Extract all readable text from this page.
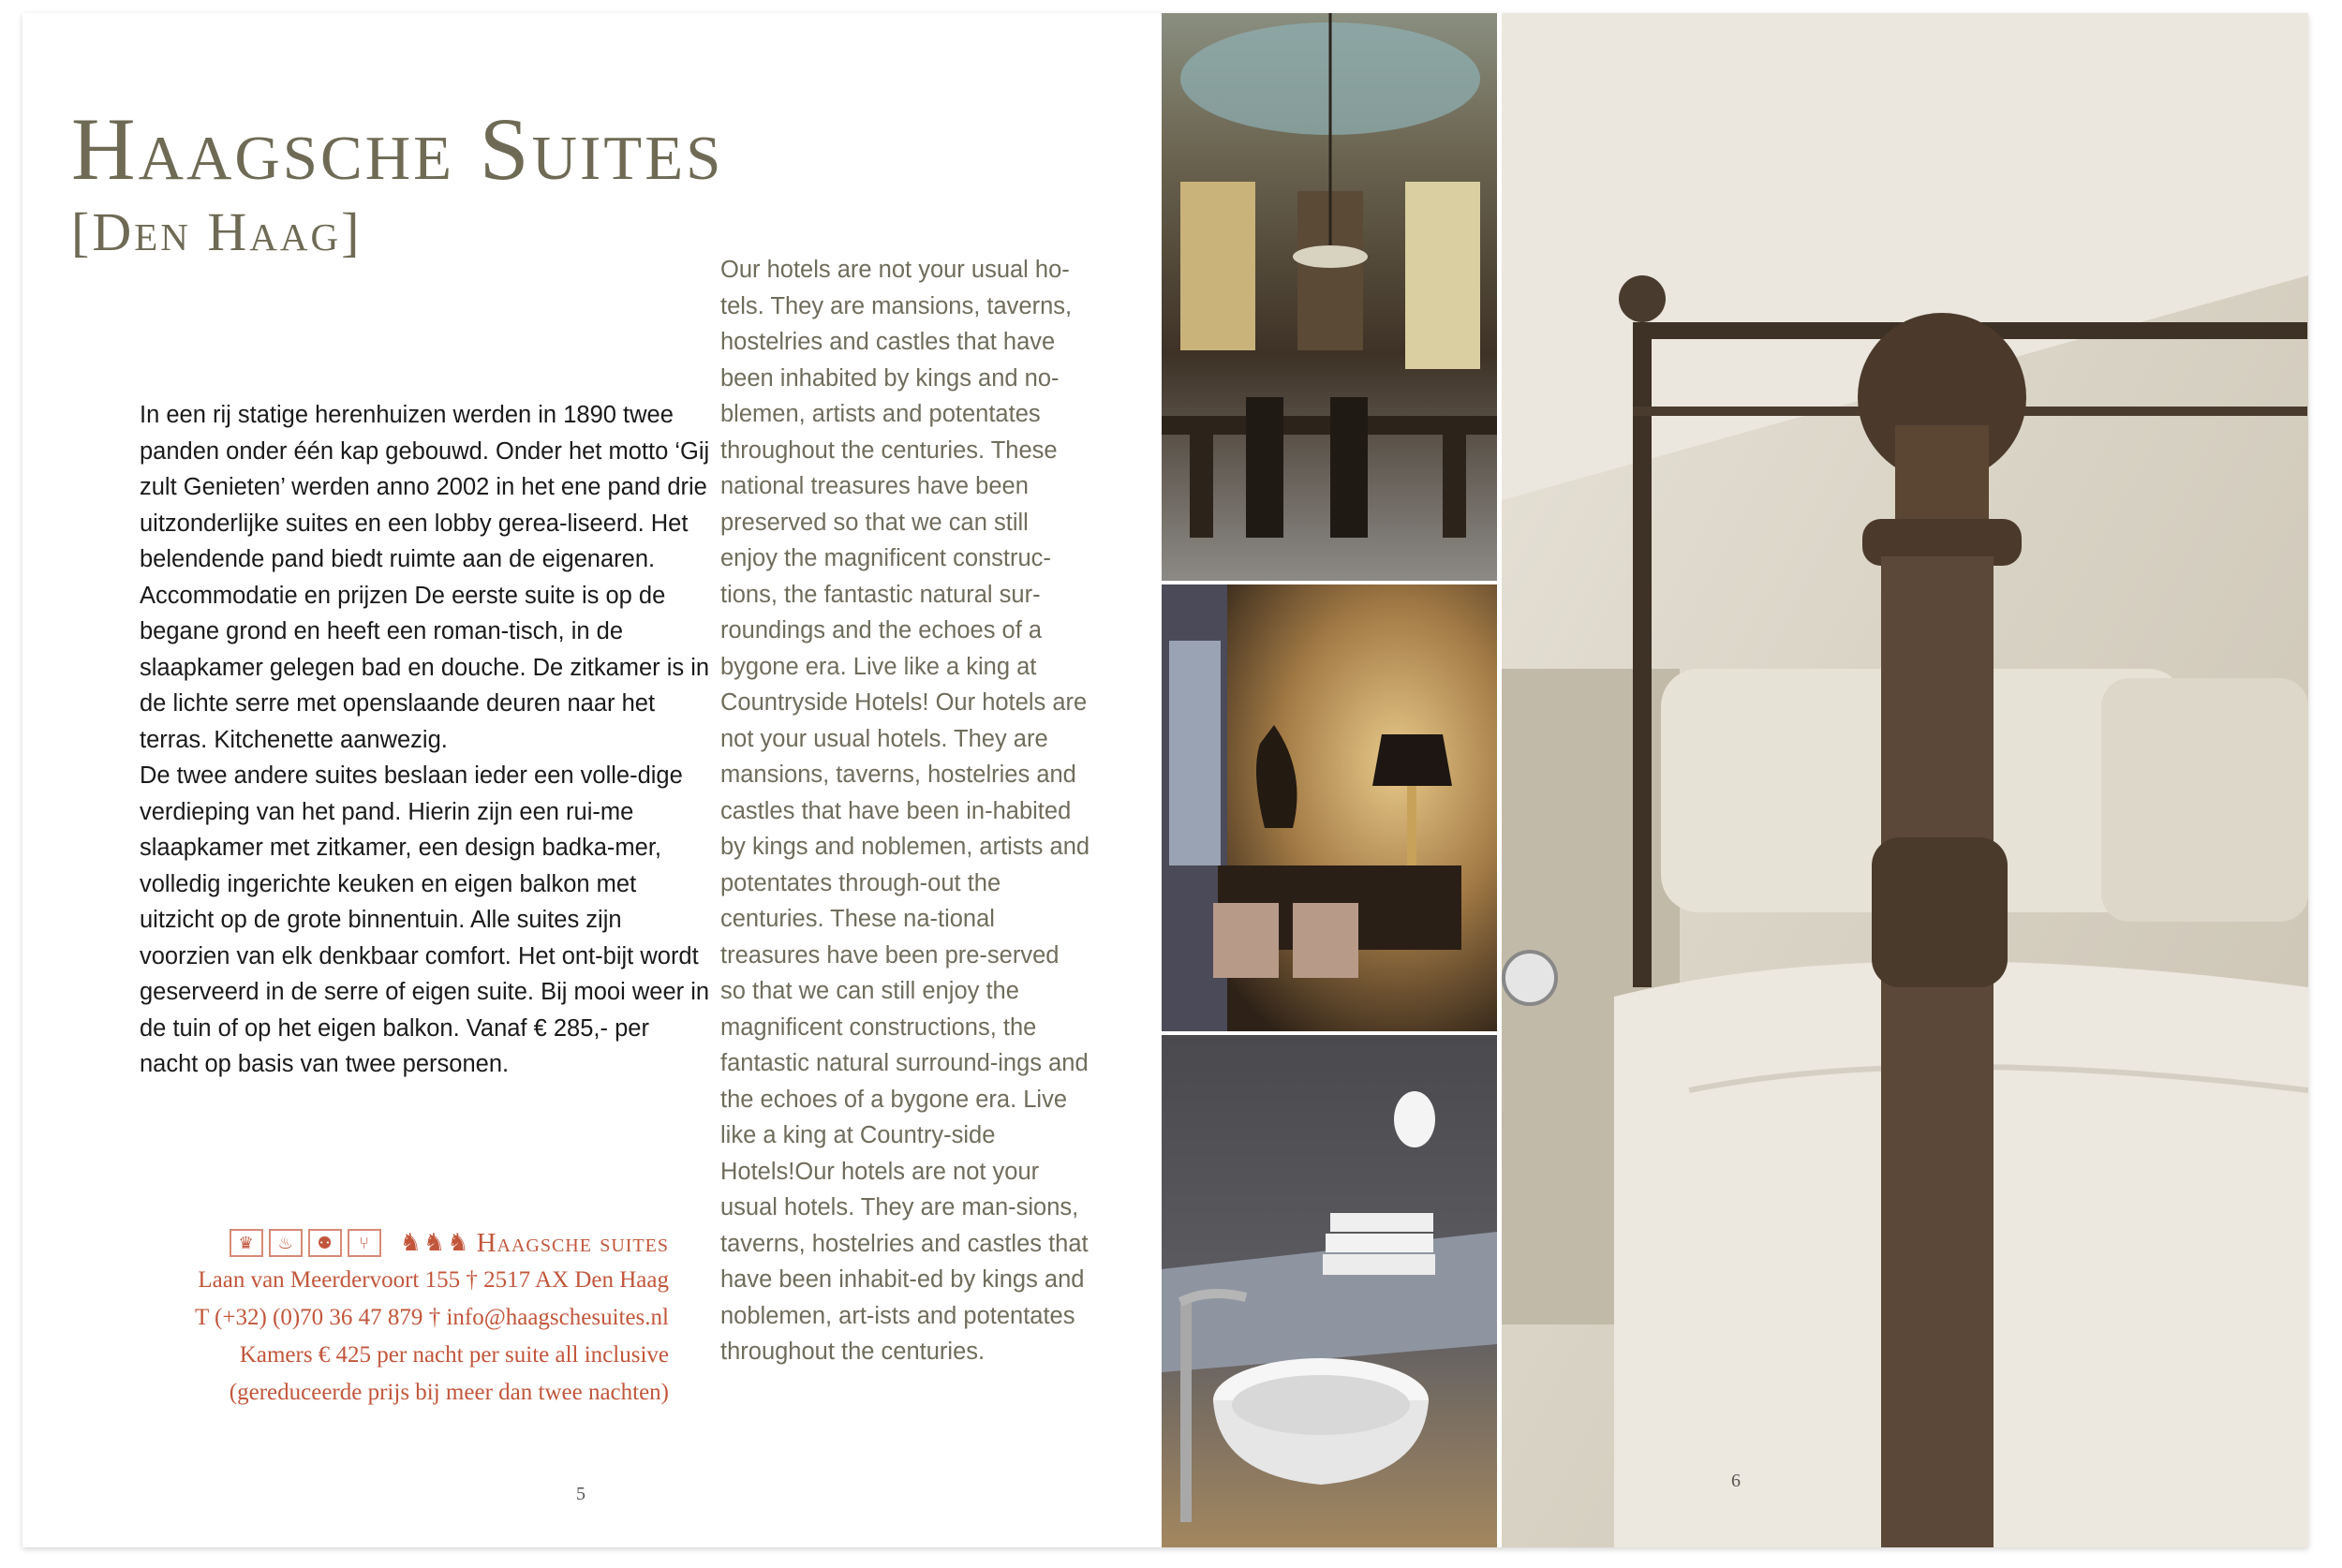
Haagsche Suites
[Den Haag]

In een rij statige herenhuizen werden in 1890 twee panden onder één kap gebouwd. Onder het motto ‘Gij zult Genieten’ werden anno 2002 in het ene pand drie uitzonderlijke suites en een lobby gerea-liseerd. Het belendende pand biedt ruimte aan de eigenaren. Accommodatie en prijzen De eerste suite is op de begane grond en heeft een roman-tisch, in de slaapkamer gelegen bad en douche. De zitkamer is in de lichte serre met openslaande deuren naar het terras. Kitchenette aanwezig.

De twee andere suites beslaan ieder een volle-dige verdieping van het pand. Hierin zijn een rui-me slaapkamer met zitkamer, een design badka-mer, volledig ingerichte keuken en eigen balkon met uitzicht op de grote binnentuin. Alle suites zijn voorzien van elk denkbaar comfort. Het ont-bijt wordt geserveerd in de serre of eigen suite. Bij mooi weer in de tuin of op het eigen balkon. Vanaf € 285,- per nacht op basis van twee personen.

Our hotels are not your usual ho-tels. They are mansions, taverns, hostelries and castles that have been inhabited by kings and no-blemen, artists and potentates throughout the centuries. These national treasures have been preserved so that we can still enjoy the magnificent construc-tions, the fantastic natural sur-roundings and the echoes of a bygone era. Live like a king at Countryside Hotels! Our hotels are not your usual hotels. They are mansions, taverns, hostelries and castles that have been in-habited by kings and noblemen, artists and potentates through-out the centuries. These na-tional treasures have been pre-served so that we can still enjoy the magnificent constructions, the fantastic natural surround-ings and the echoes of a bygone era. Live like a king at Country-side Hotels!Our hotels are not your usual hotels. They are man-sions, taverns, hostelries and castles that have been inhabit-ed by kings and noblemen, art-ists and potentates throughout the centuries.
♛	♨	⚉	⑂	♞♞♞ Haagsche suites
Laan van Meerdervoort 155 † 2517 AX Den Haag
T (+32) (0)70 36 47 879 † info@haagschesuites.nl
Kamers € 425 per nacht per suite all inclusive
(gereduceerde prijs bij meer dan twee nachten)
5
6
